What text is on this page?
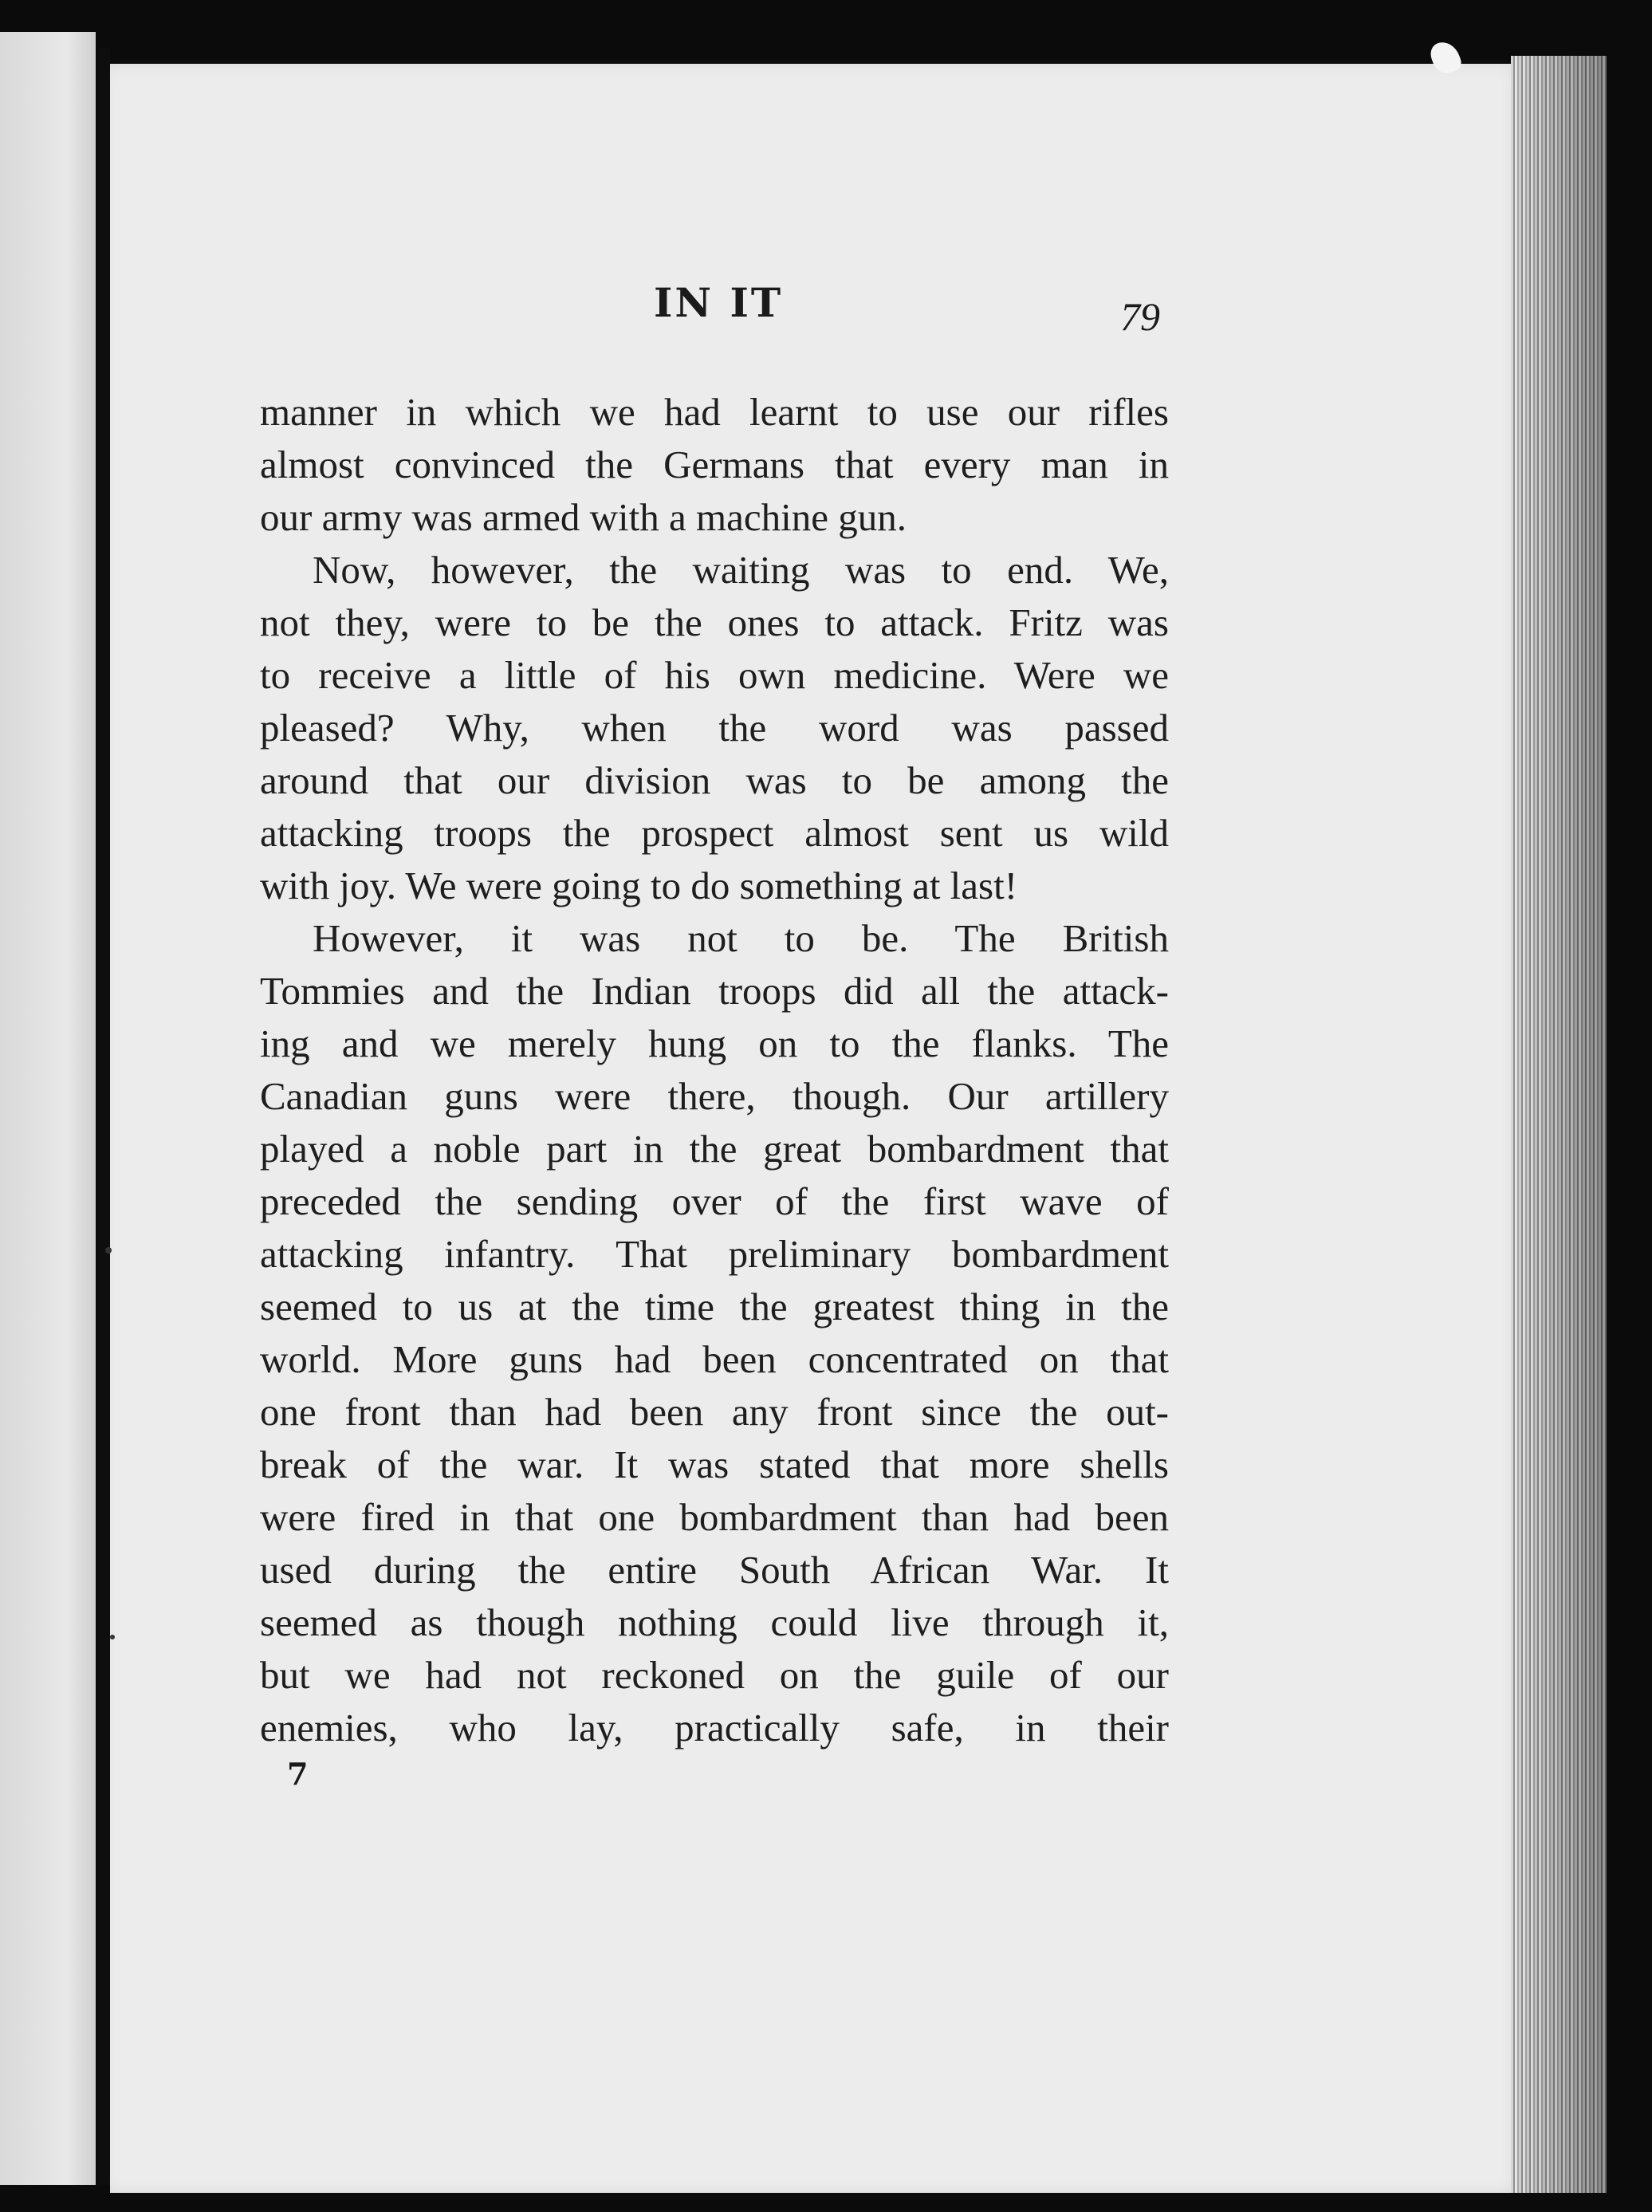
IN IT	79
manner in which we had learnt to use our rifles
almost convinced the Germans that every man in
our army was armed with a machine gun.
Now, however, the waiting was to end. We,
not they, were to be the ones to attack. Fritz was
to receive a little of his own medicine. Were we
pleased? Why, when the word was passed
around that our division was to be among the
attacking troops the prospect almost sent us wild
with joy. We were going to do something at last!
However, it was not to be. The British
Tommies and the Indian troops did all the attack-
ing and we merely hung on to the flanks. The
Canadian guns were there, though. Our artillery
played a noble part in the great bombardment that
preceded the sending over of the first wave of
attacking infantry. That preliminary bombardment
seemed to us at the time the greatest thing in the
world. More guns had been concentrated on that
one front than had been any front since the out-
break of the war. It was stated that more shells
were fired in that one bombardment than had been
used during the entire South African War. It
seemed as though nothing could live through it,
but we had not reckoned on the guile of our
enemies, who lay, practically safe, in their
7
